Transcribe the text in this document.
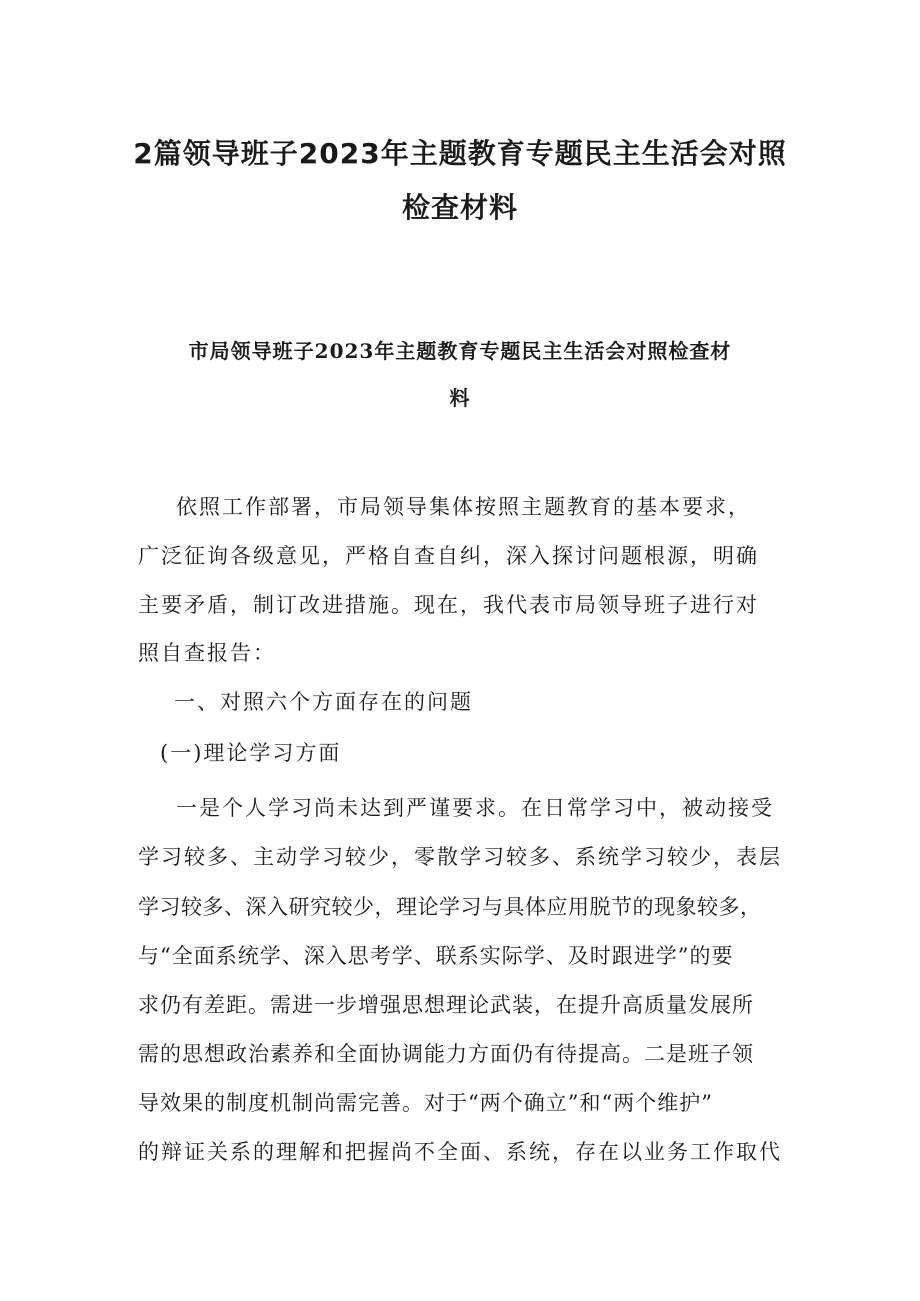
2篇领导班子2023年主题教育专题民主生活会对照
检查材料
市局领导班子2023年主题教育专题民主生活会对照检查材
料

依照工作部署，市局领导集体按照主题教育的基本要求，

广泛征询各级意见，严格自查自纠，深入探讨问题根源，明确

主要矛盾，制订改进措施。现在，我代表市局领导班子进行对

照自查报告：

一、对照六个方面存在的问题

(一)理论学习方面

一是个人学习尚未达到严谨要求。在日常学习中，被动接受

学习较多、主动学习较少，零散学习较多、系统学习较少，表层

学习较多、深入研究较少，理论学习与具体应用脱节的现象较多，

与“全面系统学、深入思考学、联系实际学、及时跟进学”的要

求仍有差距。需进一步增强思想理论武装，在提升高质量发展所

需的思想政治素养和全面协调能力方面仍有待提高。二是班子领

导效果的制度机制尚需完善。对于“两个确立”和“两个维护”

的辩证关系的理解和把握尚不全面、系统，存在以业务工作取代
